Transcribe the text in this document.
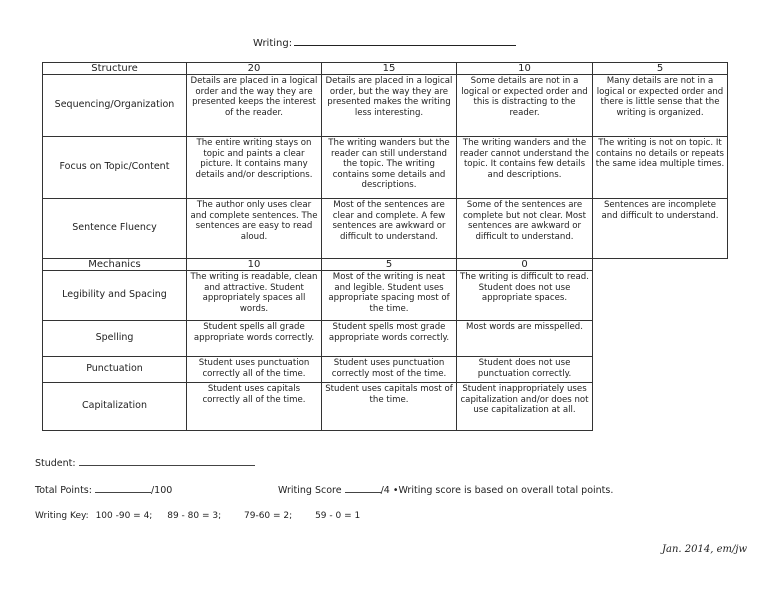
Writing:
Structure	20	15	10	5
Sequencing/Organization	Details are placed in a logical order and the way they are presented keeps the interest of the reader.	Details are placed in a logical order, but the way they are presented makes the writing less interesting.	Some details are not in a logical or expected order and this is distracting to the reader.	Many details are not in a logical or expected order and there is little sense that the writing is organized.
Focus on Topic/Content	The entire writing stays on topic and paints a clear picture. It contains many details and/or descriptions.	The writing wanders but the reader can still understand the topic. The writing contains some details and descriptions.	The writing wanders and the reader cannot understand the topic. It contains few details and descriptions.	The writing is not on topic. It contains no details or repeats the same idea multiple times.
Sentence Fluency	The author only uses clear and complete sentences. The sentences are easy to read aloud.	Most of the sentences are clear and complete. A few sentences are awkward or difficult to understand.	Some of the sentences are complete but not clear. Most sentences are awkward or difficult to understand.	Sentences are incomplete and difficult to understand.
Mechanics	10	5	0	
Legibility and Spacing	The writing is readable, clean and attractive. Student appropriately spaces all words.	Most of the writing is neat and legible. Student uses appropriate spacing most of the time.	The writing is difficult to read. Student does not use appropriate spaces.	
Spelling	Student spells all grade appropriate words correctly.	Student spells most grade appropriate words correctly.	Most words are misspelled.	
Punctuation	Student uses punctuation correctly all of the time.	Student uses punctuation correctly most of the time.	Student does not use punctuation correctly.	
Capitalization	Student uses capitals correctly all of the time.	Student uses capitals most of the time.	Student inappropriately uses capitalization and/or does not use capitalization at all.	
Student:
Total Points:	/100	Writing Score	/4 •Writing score is based on overall total points.
Writing Key: 100 -90 = 4; 89 - 80 = 3;	79-60 = 2;	59 - 0 = 1
Jan. 2014, em/jw
